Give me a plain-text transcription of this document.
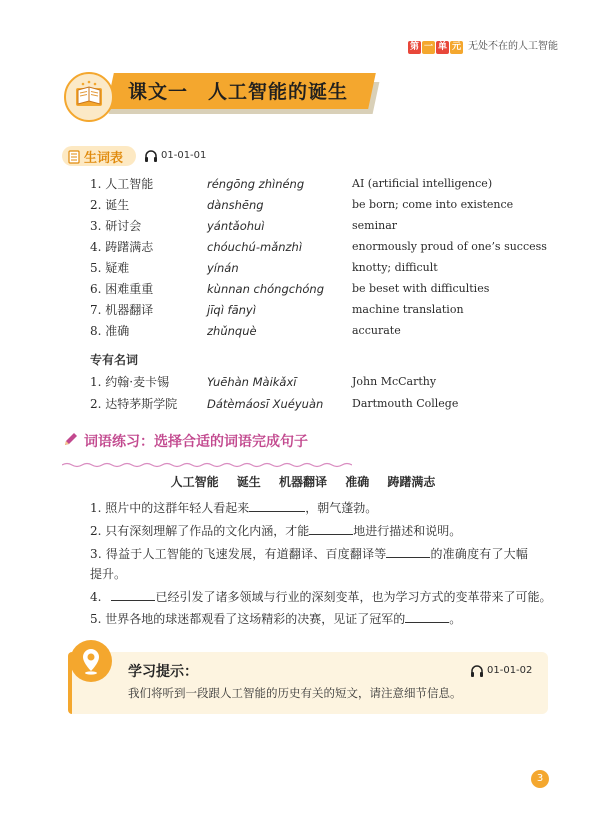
第 一 单 元 无处不在的人工智能
课文一　人工智能的诞生
生词表	01-01-01
1. 人工智能	réngōng zhìnéng	AI (artificial intelligence)
2. 诞生	dànshēng	be born; come into existence
3. 研讨会	yántǎohuì	seminar
4. 踌躇满志	chóuchú-mǎnzhì	enormously proud of one’s success
5. 疑难	yínán	knotty; difficult
6. 困难重重	kùnnan chóngchóng	be beset with difficulties
7. 机器翻译	jīqì fānyì	machine translation
8. 准确	zhǔnquè	accurate
专有名词
1. 约翰·麦卡锡	Yuēhàn Màikǎxī	John McCarthy
2. 达特茅斯学院	Dátèmáosī Xuéyuàn	Dartmouth College
词语练习：选择合适的词语完成句子
人工智能 诞生 机器翻译 准确 踌躇满志
1. 照片中的这群年轻人看起来	，朝气蓬勃。
2. 只有深刻理解了作品的文化内涵，才能	地进行描述和说明。
3. 得益于人工智能的飞速发展，有道翻译、百度翻译等	的准确度有了大幅
提升。
4.	已经引发了诸多领域与行业的深刻变革，也为学习方式的变革带来了可能。
5. 世界各地的球迷都观看了这场精彩的决赛，见证了冠军的	。
学习提示：	01-01-02
我们将听到一段跟人工智能的历史有关的短文，请注意细节信息。
3
